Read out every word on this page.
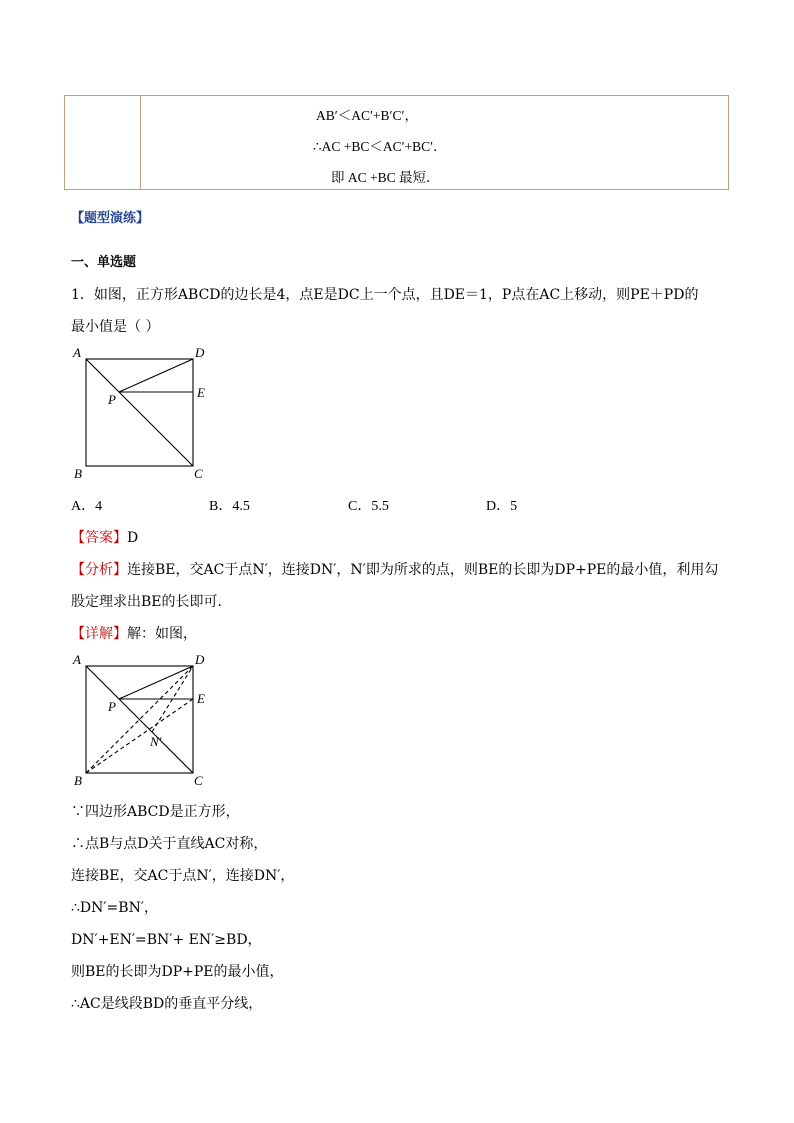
AB′＜AC′+B′C′，
∴AC +BC＜AC′+BC′．
即 AC +BC 最短．
【题型演练】
一、单选题
1．如图，正方形ABCD的边长是4，点E是DC上一个点，且DE＝1，P点在AC上移动，则PE＋PD的
最小值是（ ）
A	D
E
P
B	C
A．4	B．4.5	C．5.5	D．5
【答案】D
【分析】连接BE，交AC于点N′，连接DN′，N′即为所求的点，则BE的长即为DP+PE的最小值，利用勾
股定理求出BE的长即可．
【详解】解：如图，
A	D
E
P
N′
B	C
∵四边形ABCD是正方形，
∴点B与点D关于直线AC对称，
连接BE，交AC于点N′，连接DN′，
∴DN′=BN′，
DN′+EN′=BN′+ EN′≥BD，
则BE的长即为DP+PE的最小值，
∴AC是线段BD的垂直平分线，
